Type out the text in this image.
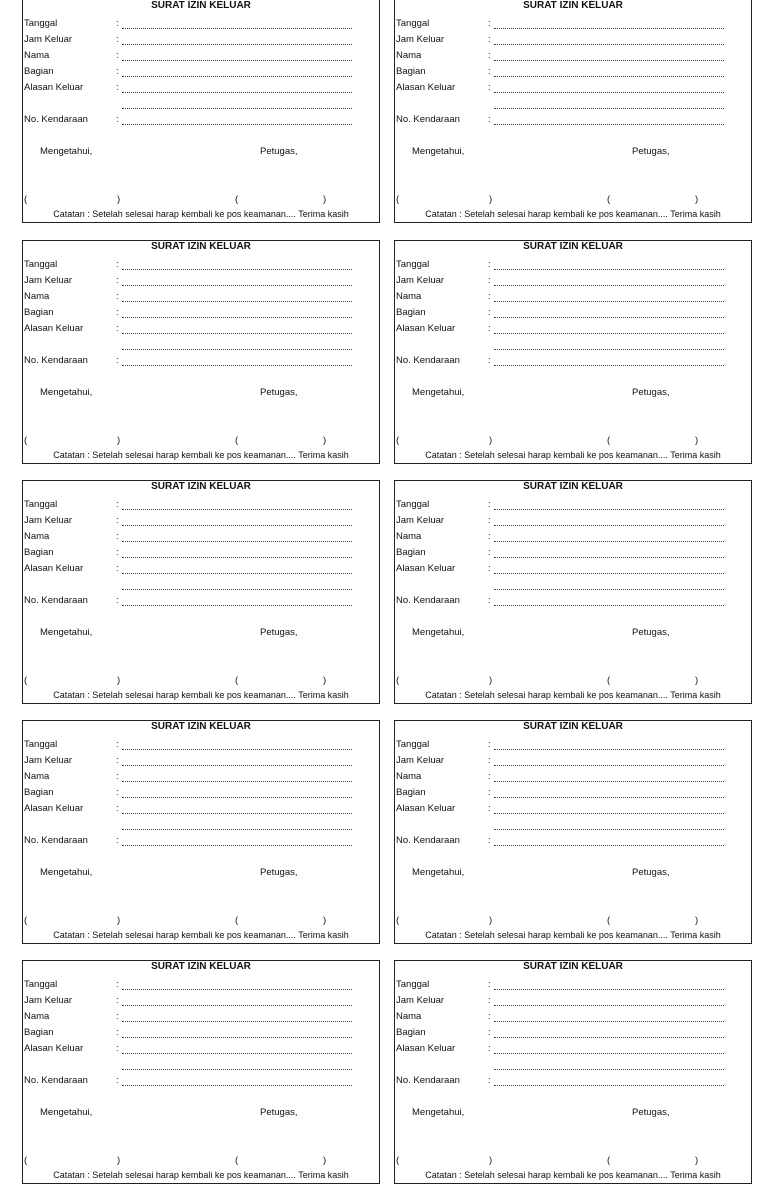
SURAT IZIN KELUAR
Tanggal	:
Jam Keluar	:
Nama	:
Bagian	:
Alasan Keluar	:
No. Kendaraan	:
Mengetahui,	Petugas,
(	)	(	)
Catatan : Setelah selesai harap kembali ke pos keamanan.... Terima kasih
SURAT IZIN KELUAR
Tanggal	:
Jam Keluar	:
Nama	:
Bagian	:
Alasan Keluar	:
No. Kendaraan	:
Mengetahui,	Petugas,
(	)	(	)
Catatan : Setelah selesai harap kembali ke pos keamanan.... Terima kasih
SURAT IZIN KELUAR
Tanggal	:
Jam Keluar	:
Nama	:
Bagian	:
Alasan Keluar	:
No. Kendaraan	:
Mengetahui,	Petugas,
(	)	(	)
Catatan : Setelah selesai harap kembali ke pos keamanan.... Terima kasih
SURAT IZIN KELUAR
Tanggal	:
Jam Keluar	:
Nama	:
Bagian	:
Alasan Keluar	:
No. Kendaraan	:
Mengetahui,	Petugas,
(	)	(	)
Catatan : Setelah selesai harap kembali ke pos keamanan.... Terima kasih
SURAT IZIN KELUAR
Tanggal	:
Jam Keluar	:
Nama	:
Bagian	:
Alasan Keluar	:
No. Kendaraan	:
Mengetahui,	Petugas,
(	)	(	)
Catatan : Setelah selesai harap kembali ke pos keamanan.... Terima kasih
SURAT IZIN KELUAR
Tanggal	:
Jam Keluar	:
Nama	:
Bagian	:
Alasan Keluar	:
No. Kendaraan	:
Mengetahui,	Petugas,
(	)	(	)
Catatan : Setelah selesai harap kembali ke pos keamanan.... Terima kasih
SURAT IZIN KELUAR
Tanggal	:
Jam Keluar	:
Nama	:
Bagian	:
Alasan Keluar	:
No. Kendaraan	:
Mengetahui,	Petugas,
(	)	(	)
Catatan : Setelah selesai harap kembali ke pos keamanan.... Terima kasih
SURAT IZIN KELUAR
Tanggal	:
Jam Keluar	:
Nama	:
Bagian	:
Alasan Keluar	:
No. Kendaraan	:
Mengetahui,	Petugas,
(	)	(	)
Catatan : Setelah selesai harap kembali ke pos keamanan.... Terima kasih
SURAT IZIN KELUAR
Tanggal	:
Jam Keluar	:
Nama	:
Bagian	:
Alasan Keluar	:
No. Kendaraan	:
Mengetahui,	Petugas,
(	)	(	)
Catatan : Setelah selesai harap kembali ke pos keamanan.... Terima kasih
SURAT IZIN KELUAR
Tanggal	:
Jam Keluar	:
Nama	:
Bagian	:
Alasan Keluar	:
No. Kendaraan	:
Mengetahui,	Petugas,
(	)	(	)
Catatan : Setelah selesai harap kembali ke pos keamanan.... Terima kasih
